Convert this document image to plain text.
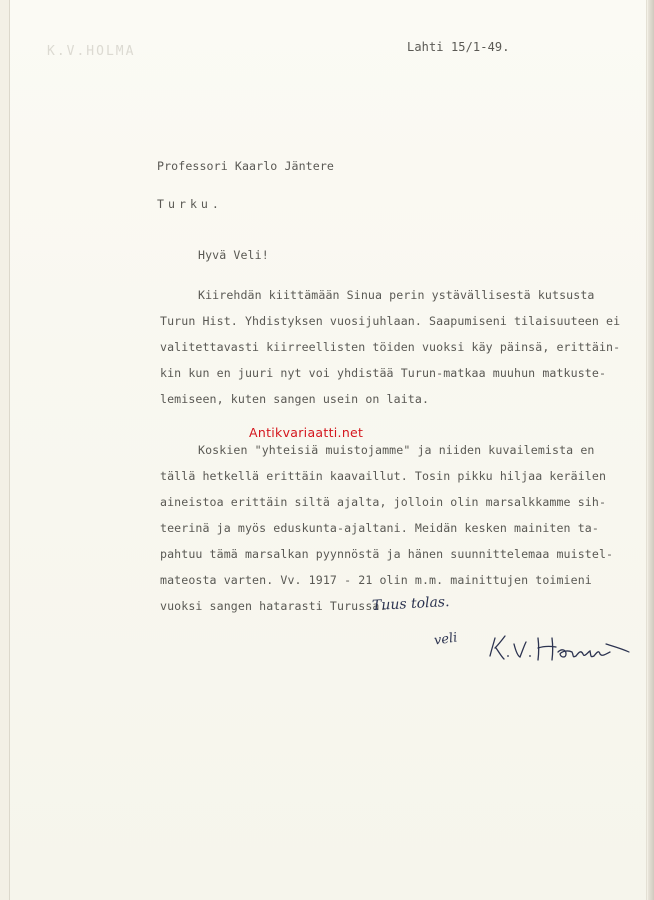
K.V.HOLMA	Lahti 15/1-49.
Professori Kaarlo Jäntere
Turku.
Hyvä Veli!
Kiirehdän kiittämään Sinua perin ystävällisestä kutsusta
Turun Hist. Yhdistyksen vuosijuhlaan. Saapumiseni tilaisuuteen ei
valitettavasti kiirreellisten töiden vuoksi käy päinsä, erittäin-
kin kun en juuri nyt voi yhdistää Turun-matkaa muuhun matkuste-
lemiseen, kuten sangen usein on laita.
Koskien "yhteisiä muistojamme" ja niiden kuvailemista en
tällä hetkellä erittäin kaavaillut. Tosin pikku hiljaa keräilen
aineistoa erittäin siltä ajalta, jolloin olin marsalkkamme sih-
teerinä ja myös eduskunta-ajaltani. Meidän kesken mainiten ta-
pahtuu tämä marsalkan pyynnöstä ja hänen suunnittelemaa muistel-
mateosta varten. Vv. 1917 - 21 olin m.m. mainittujen toimieni
vuoksi sangen hatarasti Turussa.
Antikvariaatti.net
Tuus tolas.
veli
